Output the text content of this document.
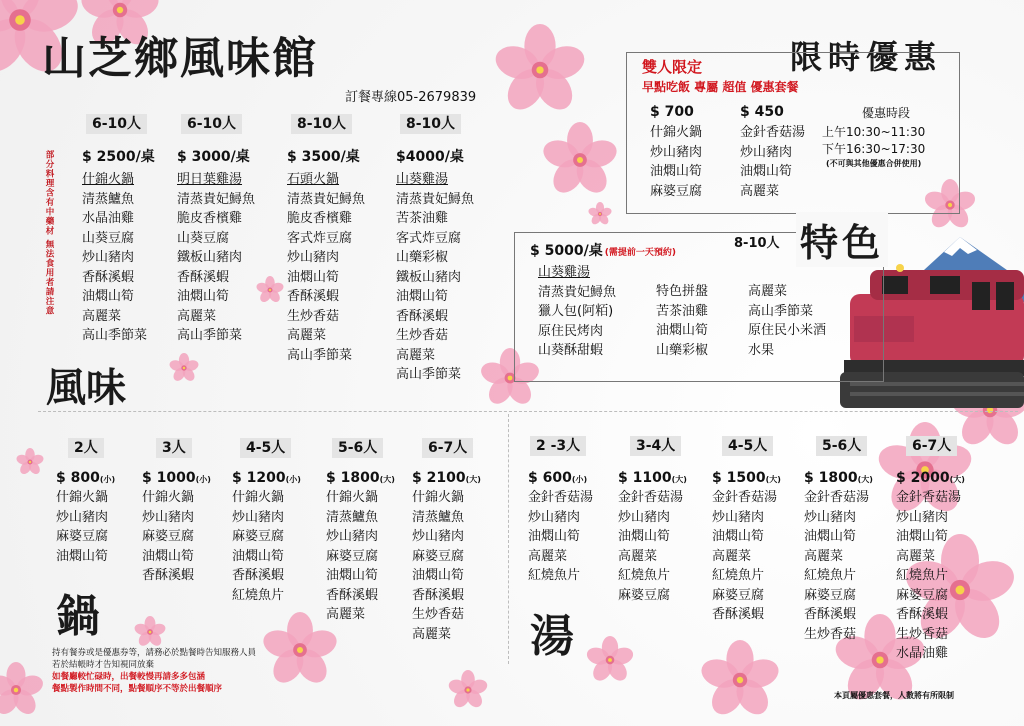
山芝鄉風味館
訂餐專線05-2679839
限時優惠
部分料理含有中藥材 無法食用者請注意
6-10人
$ 2500/桌
什錦火鍋
清蒸鱸魚
水晶油雞
山葵豆腐
炒山豬肉
香酥溪蝦
油燜山筍
高麗菜
高山季節菜
6-10人
$ 3000/桌
明日葉雞湯
清蒸貴妃鱘魚
脆皮香檳雞
山葵豆腐
鐵板山豬肉
香酥溪蝦
油燜山筍
高麗菜
高山季節菜
8-10人
$ 3500/桌
石頭火鍋
清蒸貴妃鱘魚
脆皮香檳雞
客式炸豆腐
炒山豬肉
油燜山筍
香酥溪蝦
生炒香菇
高麗菜
高山季節菜
8-10人
$4000/桌
山葵雞湯
清蒸貴妃鱘魚
苦茶油雞
客式炸豆腐
山藥彩椒
鐵板山豬肉
油燜山筍
香酥溪蝦
生炒香菇
高麗菜
高山季節菜
風味
雙人限定
早點吃飯 專屬 超值 優惠套餐
$ 700
什錦火鍋
炒山豬肉
油燜山筍
麻婆豆腐
$ 450
金針香菇湯
炒山豬肉
油燜山筍
高麗菜
優惠時段
上午10:30~11:30
下午16:30~17:30
(不可與其他優惠合併使用)
特色
$ 5000/桌 (需提前一天預約)
8-10人
山葵雞湯
清蒸貴妃鱘魚
獵人包(阿粨)
原住民烤肉
山葵酥甜蝦
特色拼盤
苦茶油雞
油燜山筍
山藥彩椒
高麗菜
高山季節菜
原住民小米酒
水果
2人
$ 800(小)
什錦火鍋
炒山豬肉
麻婆豆腐
油燜山筍
3人
$ 1000(小)
什錦火鍋
炒山豬肉
麻婆豆腐
油燜山筍
香酥溪蝦
4-5人
$ 1200(小)
什錦火鍋
炒山豬肉
麻婆豆腐
油燜山筍
香酥溪蝦
紅燒魚片
5-6人
$ 1800(大)
什錦火鍋
清蒸鱸魚
炒山豬肉
麻婆豆腐
油燜山筍
香酥溪蝦
高麗菜
6-7人
$ 2100(大)
什錦火鍋
清蒸鱸魚
炒山豬肉
麻婆豆腐
油燜山筍
香酥溪蝦
生炒香菇
高麗菜
2 -3人
$ 600(小)
金針香菇湯
炒山豬肉
油燜山筍
高麗菜
紅燒魚片
3-4人
$ 1100(大)
金針香菇湯
炒山豬肉
油燜山筍
高麗菜
紅燒魚片
麻婆豆腐
4-5人
$ 1500(大)
金針香菇湯
炒山豬肉
油燜山筍
高麗菜
紅燒魚片
麻婆豆腐
香酥溪蝦
5-6人
$ 1800(大)
金針香菇湯
炒山豬肉
油燜山筍
高麗菜
紅燒魚片
麻婆豆腐
香酥溪蝦
生炒香菇
6-7人
$ 2000(大)
金針香菇湯
炒山豬肉
油燜山筍
高麗菜
紅燒魚片
麻婆豆腐
香酥溪蝦
生炒香菇
水晶油雞
鍋	湯
持有餐券或是優惠券等，請務必於點餐時告知服務人員
若於結帳時才告知視同放棄
如餐廳較忙碌時，出餐較慢再請多多包涵
餐點製作時間不同，點餐順序不等於出餐順序
本頁屬優惠套餐，人數將有所限制
